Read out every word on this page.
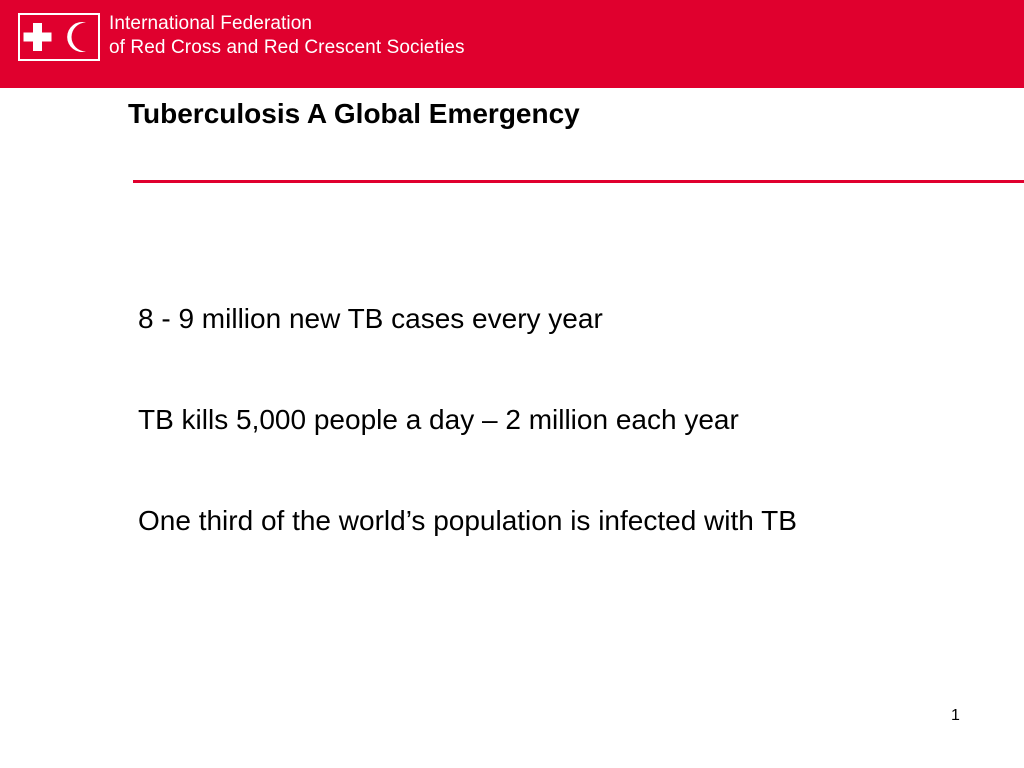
International Federation
of Red Cross and Red Crescent Societies
Tuberculosis A Global Emergency
8 - 9 million new TB cases every year
TB kills 5,000 people a day – 2 million each year
One third of the world’s population is infected with TB
1
